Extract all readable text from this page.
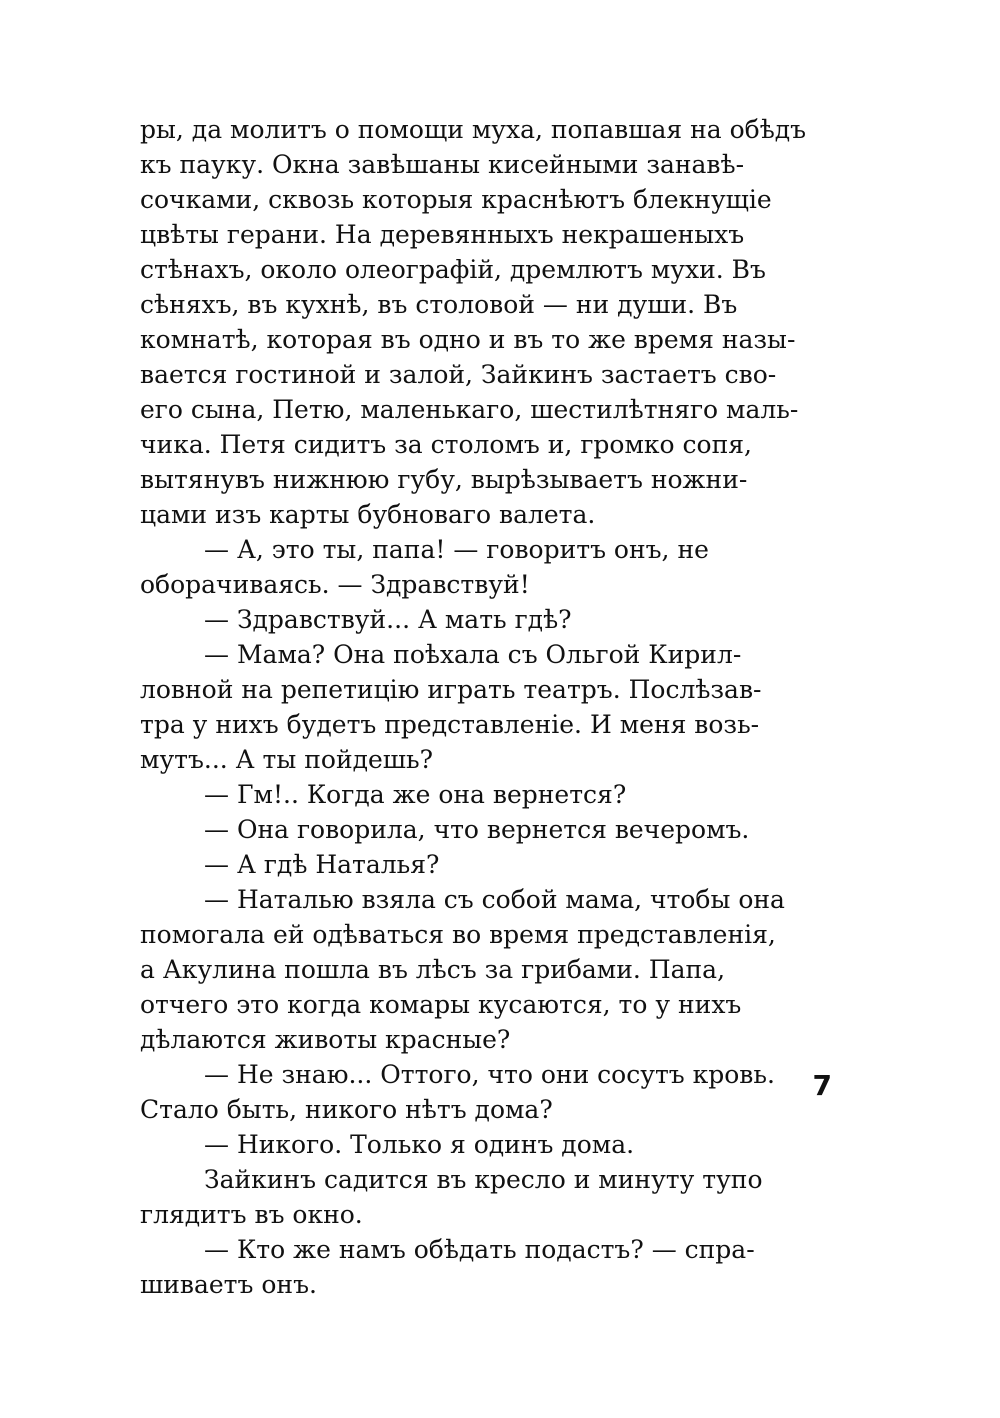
ры, да молитъ о помощи муха, попавшая на обѣдъ
къ пауку. Окна завѣшаны кисейными занавѣ-
сочками, сквозь которыя краснѣютъ блекнущіе
цвѣты герани. На деревянныхъ некрашеныхъ
стѣнахъ, около олеографій, дремлютъ мухи. Въ
сѣняхъ, въ кухнѣ, въ столовой — ни души. Въ
комнатѣ, которая въ одно и въ то же время назы-
вается гостиной и залой, Зайкинъ застаетъ сво-
его сына, Петю, маленькаго, шестилѣтняго маль-
чика. Петя сидитъ за столомъ и, громко сопя,
вытянувъ нижнюю губу, вырѣзываетъ ножни-
цами изъ карты бубноваго валета.
— А, это ты, папа! — говоритъ онъ, не
оборачиваясь. — Здравствуй!
— Здравствуй... А мать гдѣ?
— Мама? Она поѣхала съ Ольгой Кирил-
ловной на репетицію играть театръ. Послѣзав-
тра у нихъ будетъ представленіе. И меня возь-
мутъ... А ты пойдешь?
— Гм!.. Когда же она вернется?
— Она говорила, что вернется вечеромъ.
— А гдѣ Наталья?
— Наталью взяла съ собой мама, чтобы она
помогала ей одѣваться во время представленія,
а Акулина пошла въ лѣсъ за грибами. Папа,
отчего это когда комары кусаются, то у нихъ
дѣлаются животы красные?
— Не знаю... Оттого, что они сосутъ кровь.
Стало быть, никого нѣтъ дома?
— Никого. Только я одинъ дома.
Зайкинъ садится въ кресло и минуту тупо
глядитъ въ окно.
— Кто же намъ обѣдать подастъ? — спра-
шиваетъ онъ.
7
